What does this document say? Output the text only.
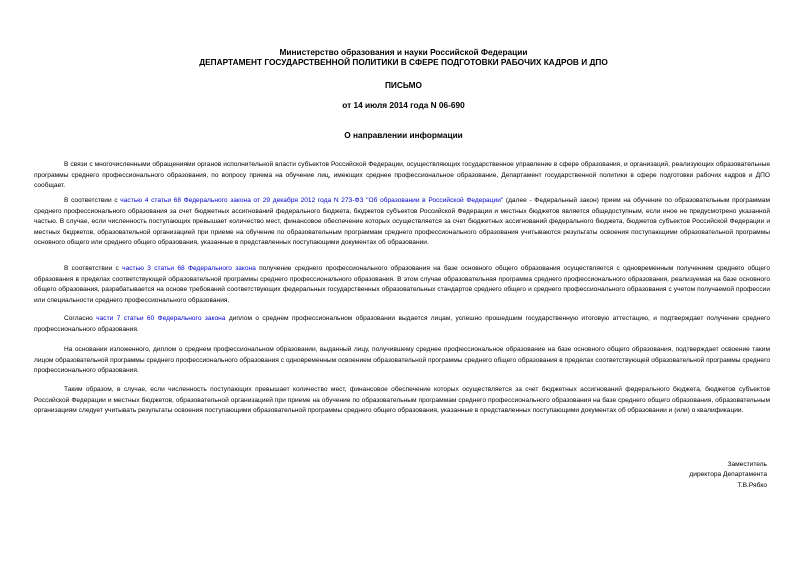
Министерство образования и науки Российской Федерации
ДЕПАРТАМЕНТ ГОСУДАРСТВЕННОЙ ПОЛИТИКИ В СФЕРЕ ПОДГОТОВКИ РАБОЧИХ КАДРОВ И ДПО
ПИСЬМО
от 14 июля 2014 года N 06-690
О направлении информации
В связи с многочисленными обращениями органов исполнительной власти субъектов Российской Федерации, осуществляющих государственное управление в сфере образования, и организаций, реализующих образовательные программы среднего профессионального образования, по вопросу приема на обучение лиц, имеющих среднее профессиональное образование, Департамент государственной политики в сфере подготовки рабочих кадров и ДПО сообщает.
В соответствии с частью 4 статьи 68 Федерального закона от 29 декабря 2012 года N 273-ФЗ "Об образовании в Российской Федерации" (далее - Федеральный закон) прием на обучение по образовательным программам среднего профессионального образования за счет бюджетных ассигнований федерального бюджета, бюджетов субъектов Российской Федерации и местных бюджетов является общедоступным, если иное не предусмотрено указанной частью. В случае, если численность поступающих превышает количество мест, финансовое обеспечение которых осуществляется за счет бюджетных ассигнований федерального бюджета, бюджетов субъектов Российской Федерации и местных бюджетов, образовательной организацией при приеме на обучение по образовательным программам среднего профессионального образования учитываются результаты освоения поступающими образовательной программы основного общего или среднего общего образования, указанные в представленных поступающими документах об образовании.
В соответствии с частью 3 статьи 68 Федерального закона получение среднего профессионального образования на базе основного общего образования осуществляется с одновременным получением среднего общего образования в пределах соответствующей образовательной программы среднего профессионального образования. В этом случае образовательная программа среднего профессионального образования, реализуемая на базе основного общего образования, разрабатывается на основе требований соответствующих федеральных государственных образовательных стандартов среднего общего и среднего профессионального образования с учетом получаемой профессии или специальности среднего профессионального образования.
Согласно части 7 статьи 60 Федерального закона диплом о среднем профессиональном образовании выдается лицам, успешно прошедшим государственную итоговую аттестацию, и подтверждает получение среднего профессионального образования.
На основании изложенного, диплом о среднем профессиональном образовании, выданный лицу, получившему среднее профессиональное образование на базе основного общего образования, подтверждает освоение таким лицом образовательной программы среднего профессионального образования с одновременным освоением образовательной программы среднего общего образования в пределах соответствующей образовательной программы среднего профессионального образования.
Таким образом, в случае, если численность поступающих превышает количество мест, финансовое обеспечение которых осуществляется за счет бюджетных ассигнований федерального бюджета, бюджетов субъектов Российской Федерации и местных бюджетов, образовательной организацией при приеме на обучение по образовательным программам среднего профессионального образования на базе среднего общего образования, образовательным организациям следует учитывать результаты освоения поступающими образовательной программы среднего общего образования, указанные в представленных поступающими документах об образовании и (или) о квалификации.
Заместитель
директора Департамента
Т.В.Рябко
